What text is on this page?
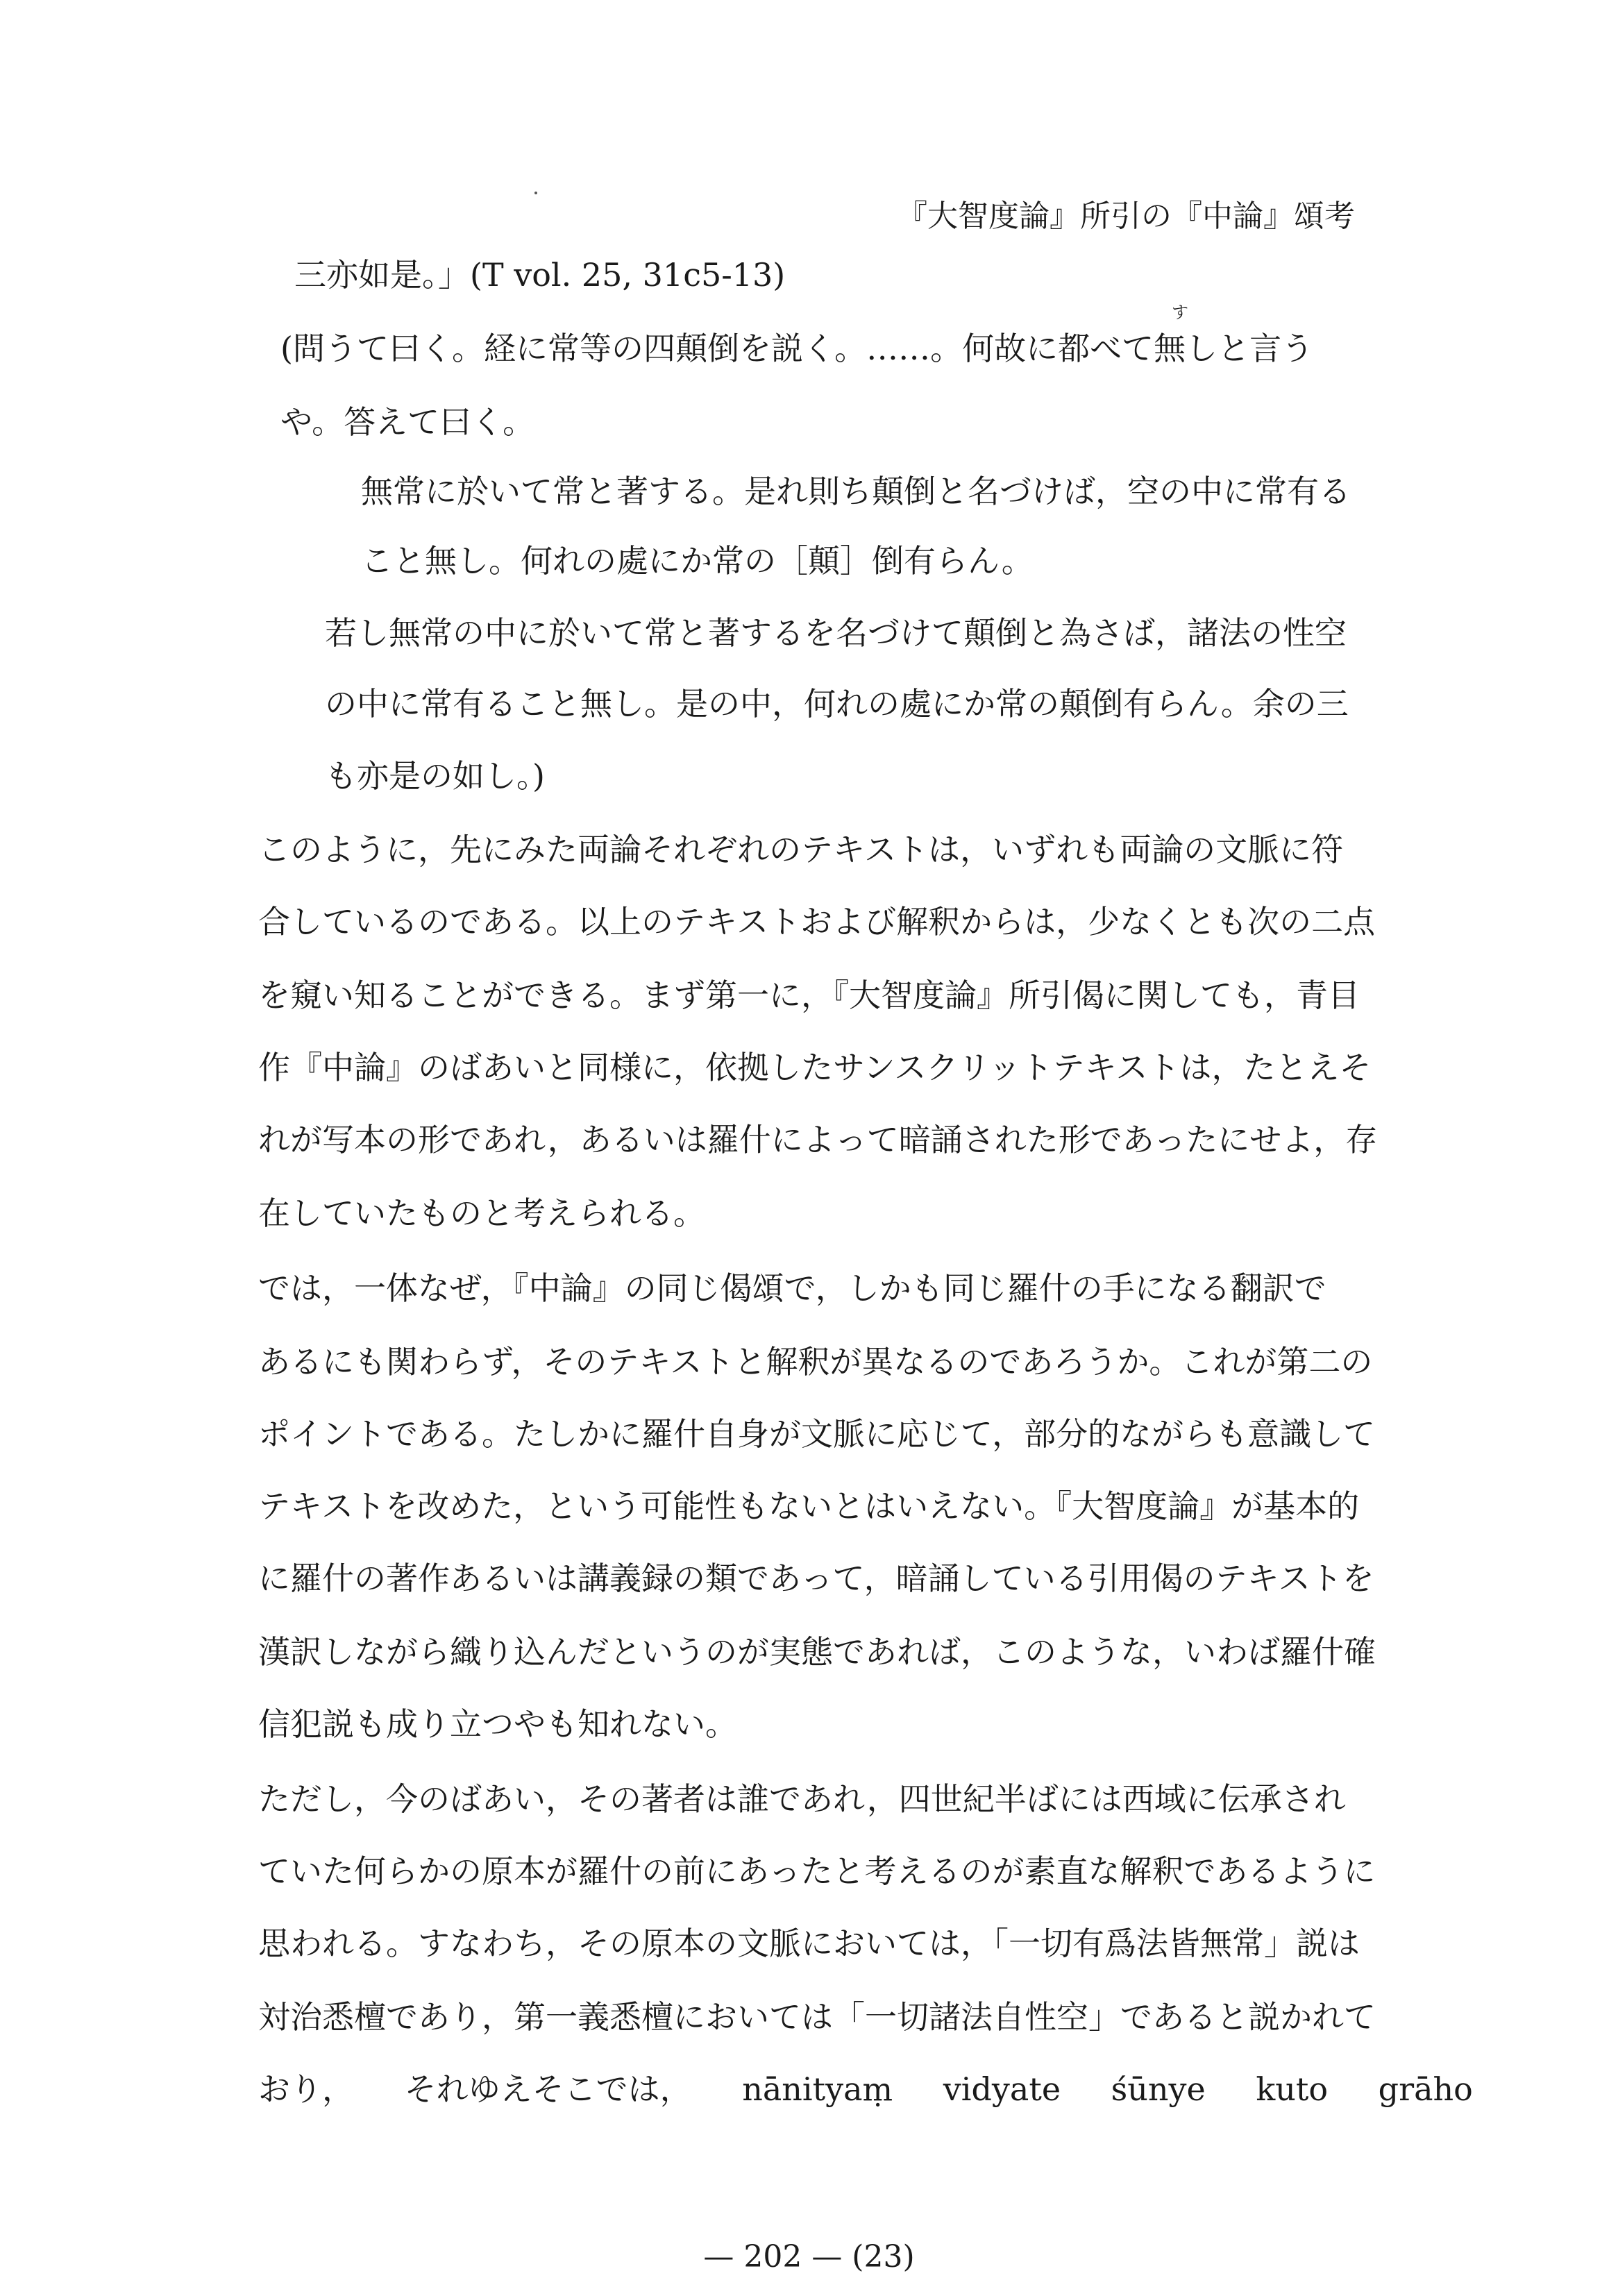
『大智度論』所引の『中論』頌考
す
三亦如是。」(T vol. 25, 31c5-13)
(問うて曰く。経に常等の四顛倒を説く。……。何故に都べて無しと言う
や。答えて曰く。
無常に於いて常と著する。是れ則ち顛倒と名づけば，空の中に常有る
こと無し。何れの處にか常の［顛］倒有らん。
若し無常の中に於いて常と著するを名づけて顛倒と為さば，諸法の性空
の中に常有ること無し。是の中，何れの處にか常の顛倒有らん。余の三
も亦是の如し。)
このように，先にみた両論それぞれのテキストは，いずれも両論の文脈に符
合しているのである。以上のテキストおよび解釈からは，少なくとも次の二点
を窺い知ることができる。まず第一に，『大智度論』所引偈に関しても，青目
作『中論』のばあいと同様に，依拠したサンスクリットテキストは，たとえそ
れが写本の形であれ，あるいは羅什によって暗誦された形であったにせよ，存
在していたものと考えられる。
では，一体なぜ，『中論』の同じ偈頌で，しかも同じ羅什の手になる翻訳で
あるにも関わらず，そのテキストと解釈が異なるのであろうか。これが第二の
ポイントである。たしかに羅什自身が文脈に応じて，部分的ながらも意識して
テキストを改めた，という可能性もないとはいえない。『大智度論』が基本的
に羅什の著作あるいは講義録の類であって，暗誦している引用偈のテキストを
漢訳しながら織り込んだというのが実態であれば，このような，いわば羅什確
信犯説も成り立つやも知れない。
ただし，今のばあい，その著者は誰であれ，四世紀半ばには西域に伝承され
ていた何らかの原本が羅什の前にあったと考えるのが素直な解釈であるように
思われる。すなわち，その原本の文脈においては，「一切有爲法皆無常」説は
対治悉檀であり，第一義悉檀においては「一切諸法自性空」であると説かれて
おり， それゆえそこでは， nānityaṃ vidyate śūnye kuto grāho
— 202 — (23)
